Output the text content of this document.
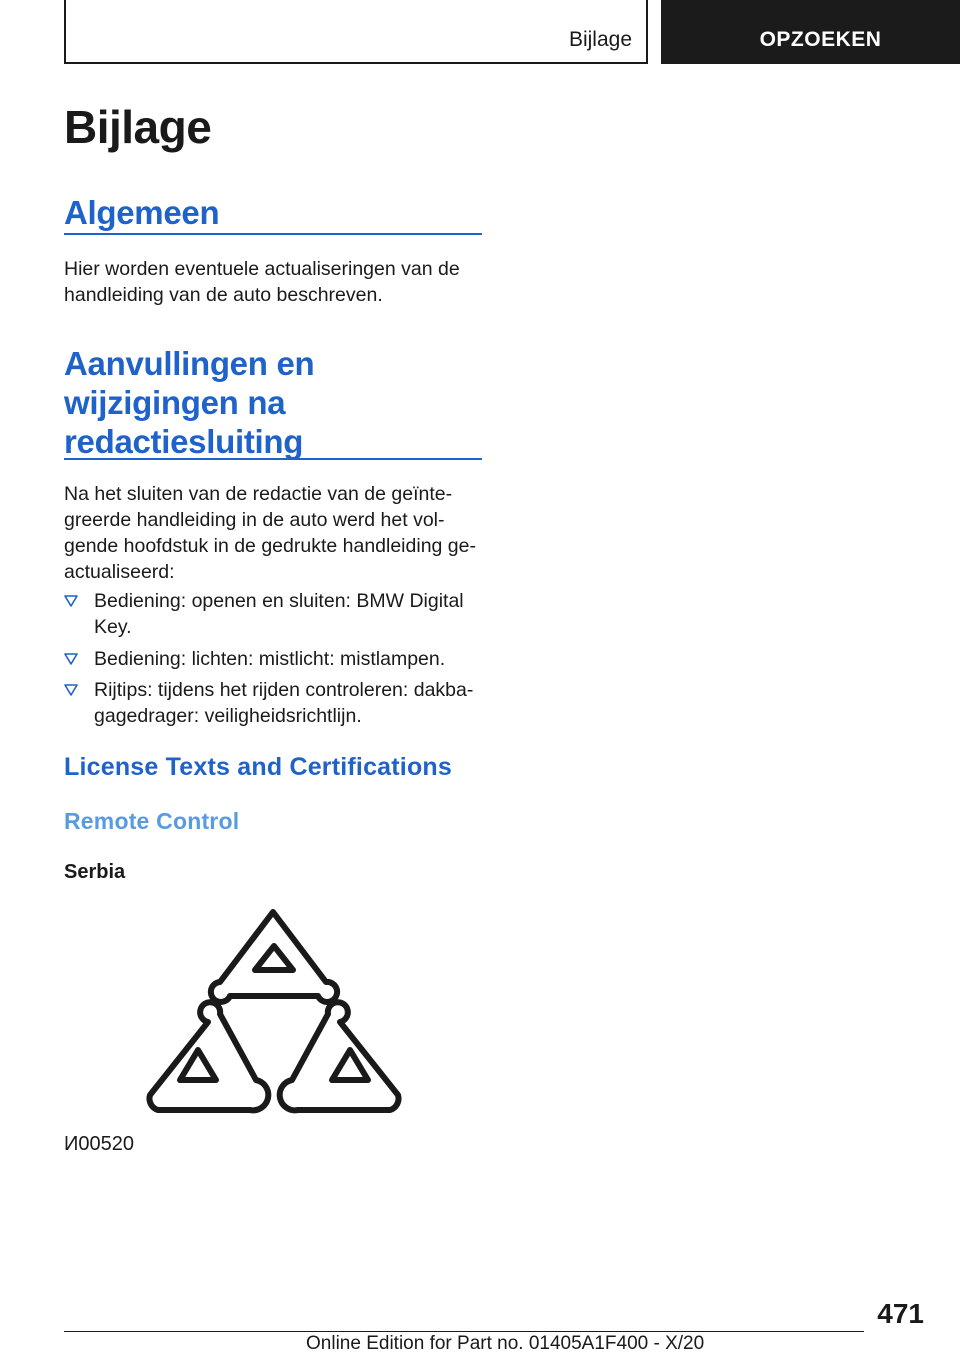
Bijlage	OPZOEKEN
Bijlage
Algemeen

Hier worden eventuele actualiseringen van de
handleiding van de auto beschreven.

Aanvullingen en
wijzigingen na
redactiesluiting

Na het sluiten van de redactie van de geïnte-
greerde handleiding in de auto werd het vol-
gende hoofdstuk in de gedrukte handleiding ge-
actualiseerd:

Bediening: openen en sluiten: BMW Digital
Key.
Bediening: lichten: mistlicht: mistlampen.
Rijtips: tijdens het rijden controleren: dakba-
gagedrager: veiligheidsrichtlijn.
License Texts and Certifications
Remote Control
Serbia
И00520
471
Online Edition for Part no. 01405A1F400 - X/20
